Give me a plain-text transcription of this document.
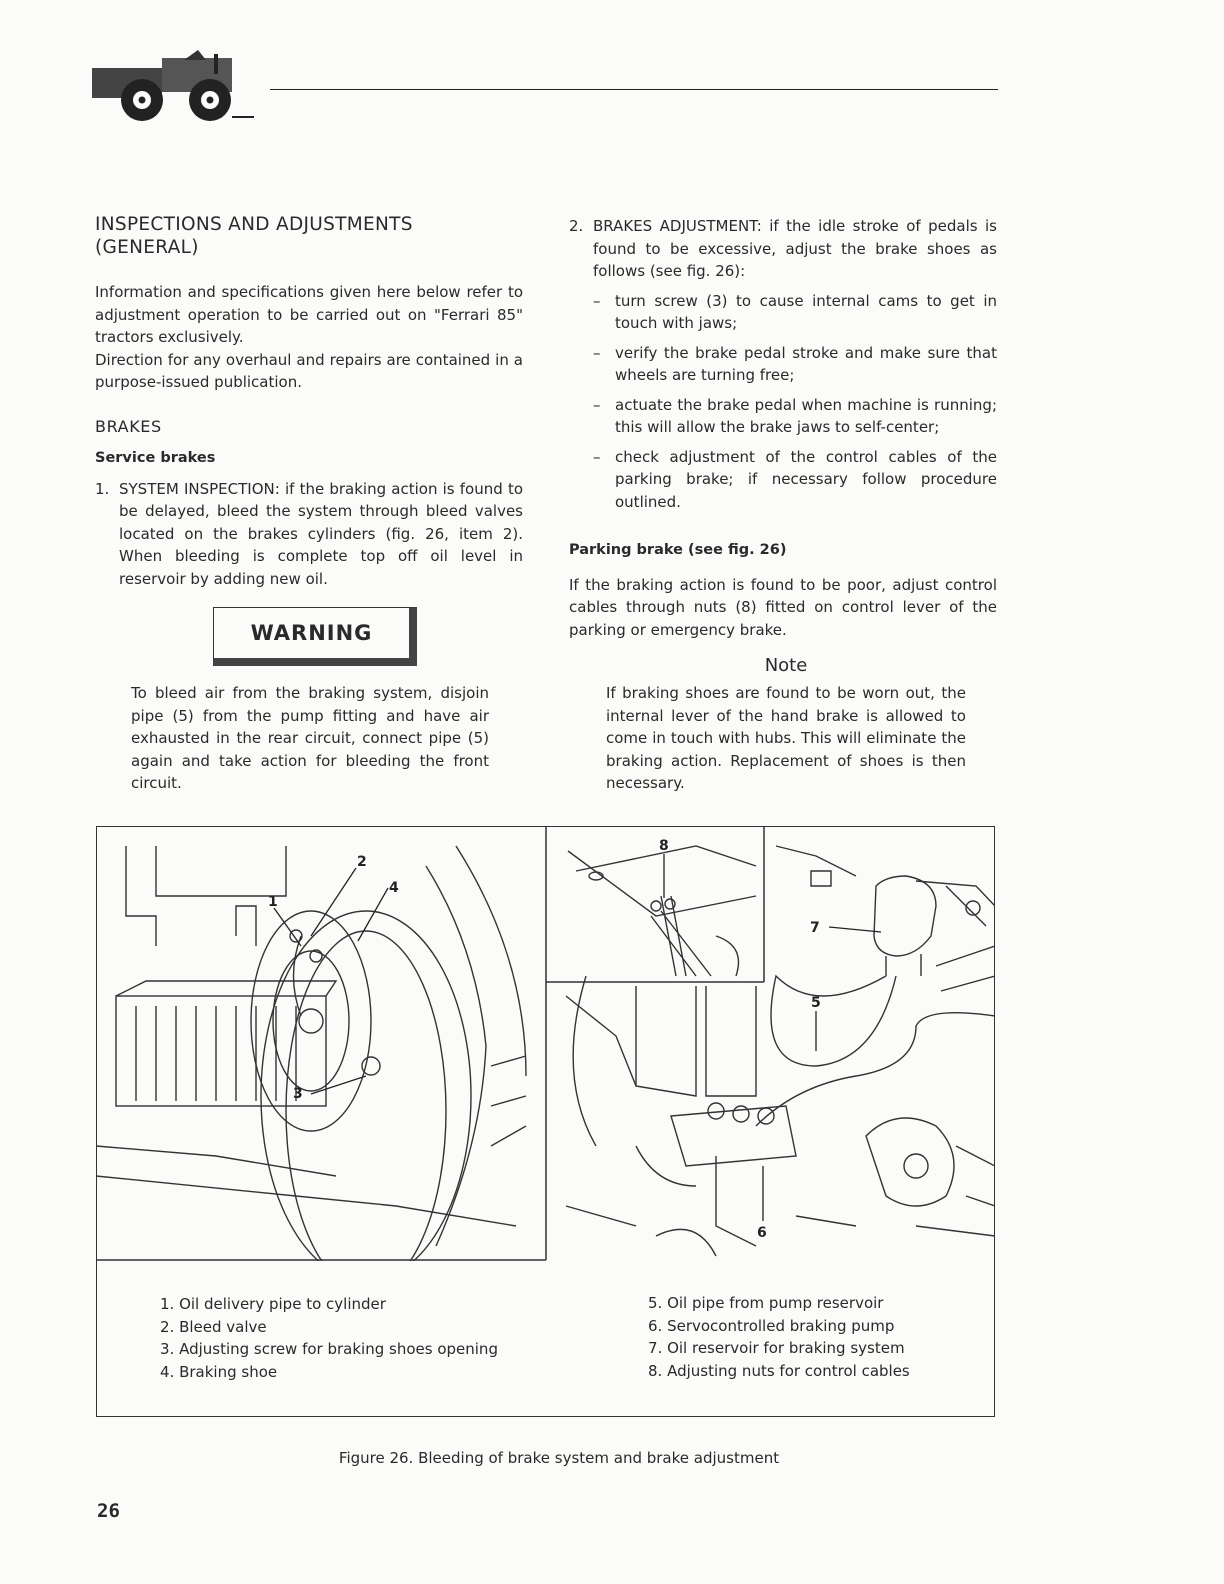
INSPECTIONS AND ADJUSTMENTS
(GENERAL)

Information and specifications given here below refer to adjustment operation to be carried out on "Ferrari 85" tractors exclusively.

Direction for any overhaul and repairs are contained in a purpose-issued publication.

BRAKES
Service brakes
1. SYSTEM INSPECTION: if the braking action is found to be delayed, bleed the system through bleed valves located on the brakes cylinders (fig. 26, item 2). When bleeding is complete top off oil level in reservoir by adding new oil.
WARNING
To bleed air from the braking system, disjoin pipe (5) from the pump fitting and have air exhausted in the rear circuit, connect pipe (5) again and take action for bleeding the front circuit.
2. BRAKES ADJUSTMENT: if the idle stroke of pedals is found to be excessive, adjust the brake shoes as follows (see fig. 26):
– turn screw (3) to cause internal cams to get in touch with jaws;
– verify the brake pedal stroke and make sure that wheels are turning free;
– actuate the brake pedal when machine is running; this will allow the brake jaws to self-center;
– check adjustment of the control cables of the parking brake; if necessary follow procedure outlined.
Parking brake (see fig. 26)

If the braking action is found to be poor, adjust control cables through nuts (8) fitted on control lever of the parking or emergency brake.

Note
If braking shoes are found to be worn out, the internal lever of the hand brake is allowed to come in touch with hubs. This will eliminate the braking action. Replacement of shoes is then necessary.
1
2
4
3
8
7
5
6
1. Oil delivery pipe to cylinder
2. Bleed valve
3. Adjusting screw for braking shoes opening
4. Braking shoe
5. Oil pipe from pump reservoir
6. Servocontrolled braking pump
7. Oil reservoir for braking system
8. Adjusting nuts for control cables
Figure 26. Bleeding of brake system and brake adjustment
26
